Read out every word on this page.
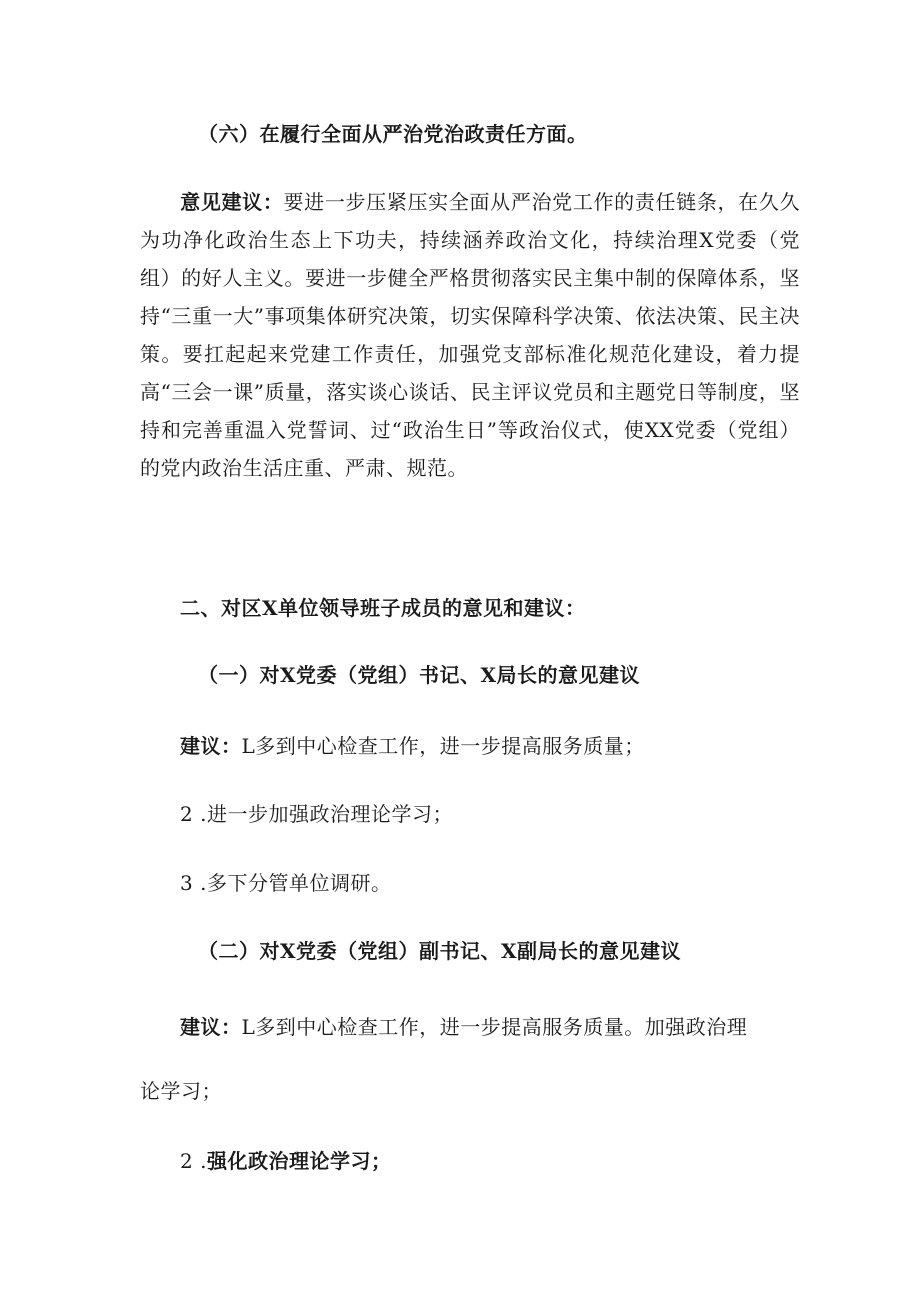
（六）在履行全面从严治党治政责任方面。
意见建议：要进一步压紧压实全面从严治党工作的责任链条，在久久为功净化政治生态上下功夫，持续涵养政治文化，持续治理X党委（党组）的好人主义。要进一步健全严格贯彻落实民主集中制的保障体系，坚持“三重一大”事项集体研究决策，切实保障科学决策、依法决策、民主决策。要扛起起来党建工作责任，加强党支部标准化规范化建设，着力提高“三会一课”质量，落实谈心谈话、民主评议党员和主题党日等制度，坚持和完善重温入党誓词、过“政治生日”等政治仪式，使XX党委（党组）的党内政治生活庄重、严肃、规范。
二、对区X单位领导班子成员的意见和建议：
（一）对X党委（党组）书记、X局长的意见建议
建议：L多到中心检查工作，进一步提高服务质量；
2 .进一步加强政治理论学习；
3 .多下分管单位调研。
（二）对X党委（党组）副书记、X副局长的意见建议
建议：L多到中心检查工作，进一步提高服务质量。加强政治理
论学习；
2 .强化政治理论学习；
